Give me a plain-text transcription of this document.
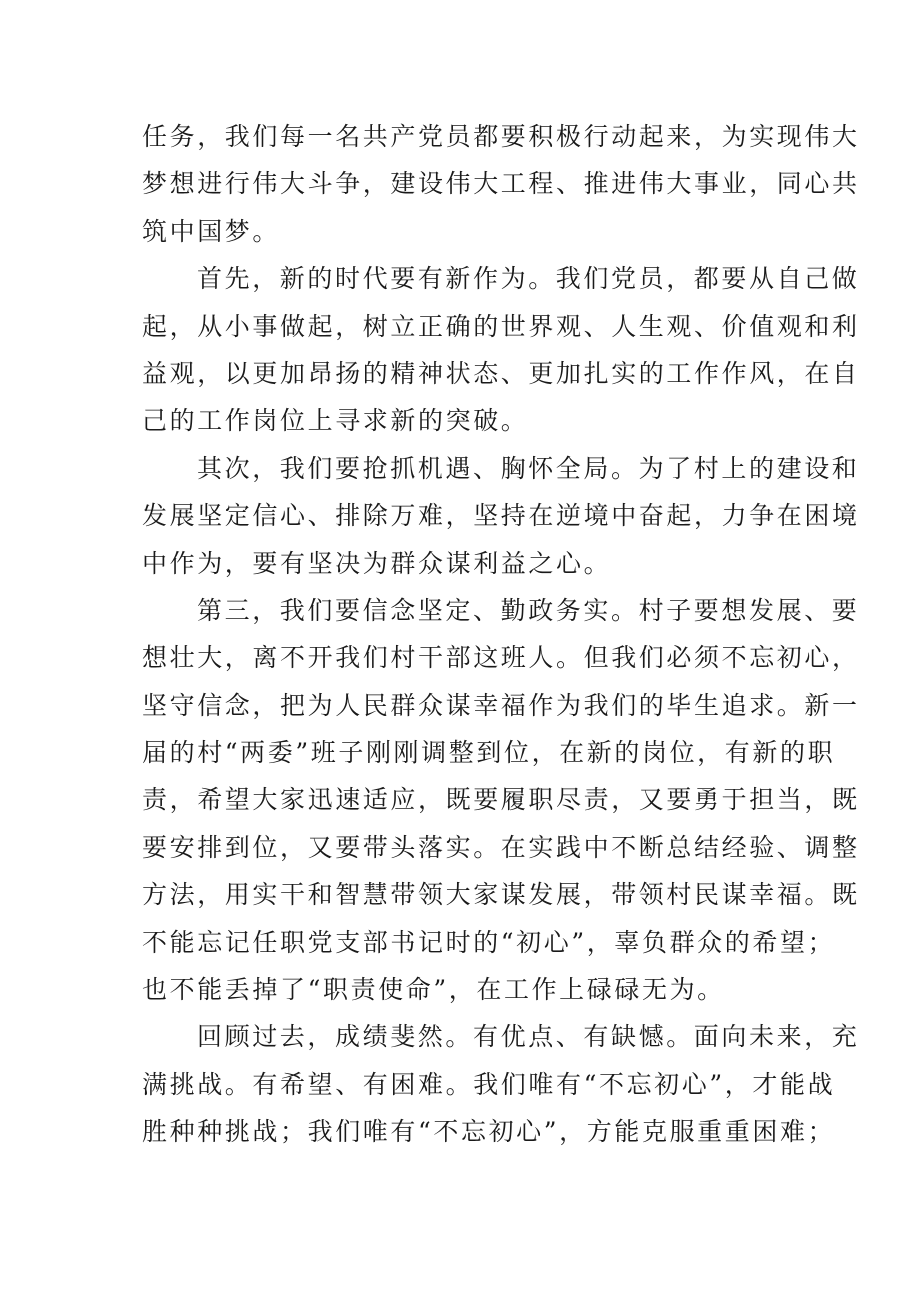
任务，我们每一名共产党员都要积极行动起来，为实现伟大
梦想进行伟大斗争，建设伟大工程、推进伟大事业，同心共
筑中国梦。
首先，新的时代要有新作为。我们党员，都要从自己做
起，从小事做起，树立正确的世界观、人生观、价值观和利
益观，以更加昂扬的精神状态、更加扎实的工作作风，在自
己的工作岗位上寻求新的突破。
其次，我们要抢抓机遇、胸怀全局。为了村上的建设和
发展坚定信心、排除万难，坚持在逆境中奋起，力争在困境
中作为，要有坚决为群众谋利益之心。
第三，我们要信念坚定、勤政务实。村子要想发展、要
想壮大，离不开我们村干部这班人。但我们必须不忘初心，
坚守信念，把为人民群众谋幸福作为我们的毕生追求。新一
届的村“两委”班子刚刚调整到位，在新的岗位，有新的职
责，希望大家迅速适应，既要履职尽责，又要勇于担当，既
要安排到位，又要带头落实。在实践中不断总结经验、调整
方法，用实干和智慧带领大家谋发展，带领村民谋幸福。既
不能忘记任职党支部书记时的“初心”，辜负群众的希望；
也不能丢掉了“职责使命”，在工作上碌碌无为。
回顾过去，成绩斐然。有优点、有缺憾。面向未来，充
满挑战。有希望、有困难。我们唯有“不忘初心”，才能战
胜种种挑战；我们唯有“不忘初心”，方能克服重重困难；
